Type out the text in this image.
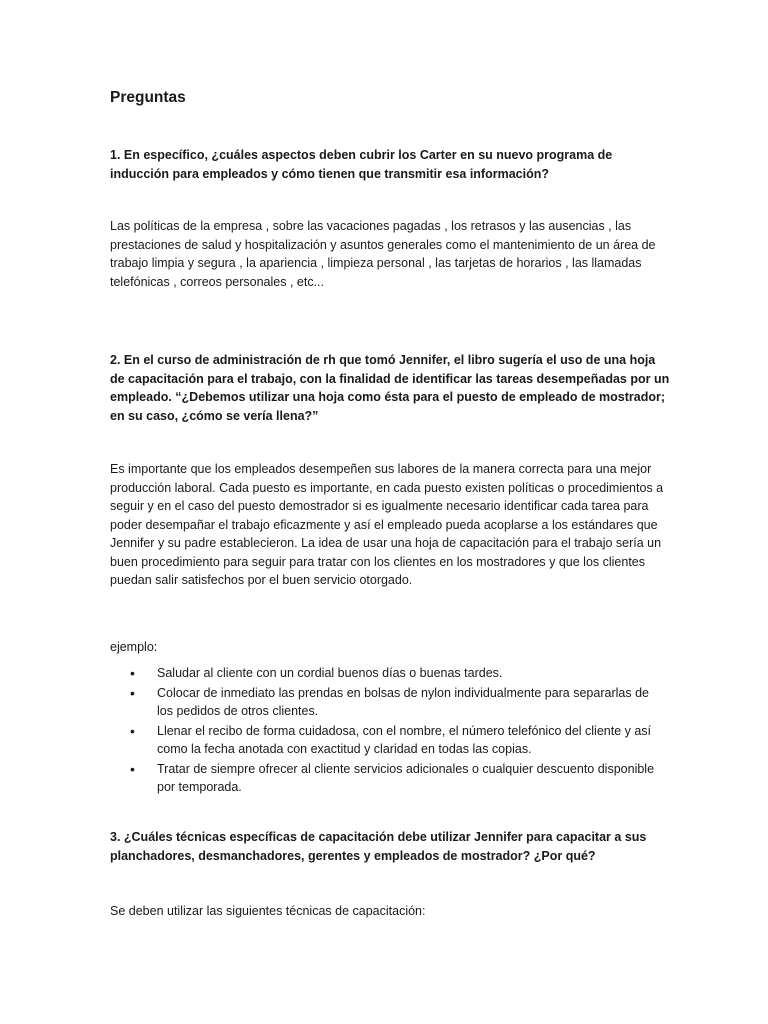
Preguntas

1. En específico, ¿cuáles aspectos deben cubrir los Carter en su nuevo programa de inducción para empleados y cómo tienen que transmitir esa información?

Las políticas de la empresa , sobre las vacaciones pagadas , los retrasos y las ausencias , las prestaciones de salud y hospitalización y asuntos generales como el mantenimiento de un área de trabajo limpia y segura , la apariencia , limpieza personal , las tarjetas de horarios , las llamadas telefónicas , correos personales , etc...

2. En el curso de administración de rh que tomó Jennifer, el libro sugería el uso de una hoja de capacitación para el trabajo, con la finalidad de identificar las tareas desempeñadas por un empleado. “¿Debemos utilizar una hoja como ésta para el puesto de empleado de mostrador; en su caso, ¿cómo se vería llena?”

Es importante que los empleados desempeñen sus labores de la manera correcta para una mejor producción laboral. Cada puesto es importante, en cada puesto existen políticas o procedimientos a seguir y en el caso del puesto demostrador si es igualmente necesario identificar cada tarea para poder desempañar el trabajo eficazmente y así el empleado pueda acoplarse a los estándares que Jennifer y su padre establecieron. La idea de usar una hoja de capacitación para el trabajo sería un buen procedimiento para seguir para tratar con los clientes en los mostradores y que los clientes puedan salir satisfechos por el buen servicio otorgado.

ejemplo:

• Saludar al cliente con un cordial buenos días o buenas tardes.
• Colocar de inmediato las prendas en bolsas de nylon individualmente para separarlas de los pedidos de otros clientes.
• Llenar el recibo de forma cuidadosa, con el nombre, el número telefónico del cliente y así como la fecha anotada con exactitud y claridad en todas las copias.
• Tratar de siempre ofrecer al cliente servicios adicionales o cualquier descuento disponible por temporada.

3. ¿Cuáles técnicas específicas de capacitación debe utilizar Jennifer para capacitar a sus planchadores, desmanchadores, gerentes y empleados de mostrador? ¿Por qué?

Se deben utilizar las siguientes técnicas de capacitación:
